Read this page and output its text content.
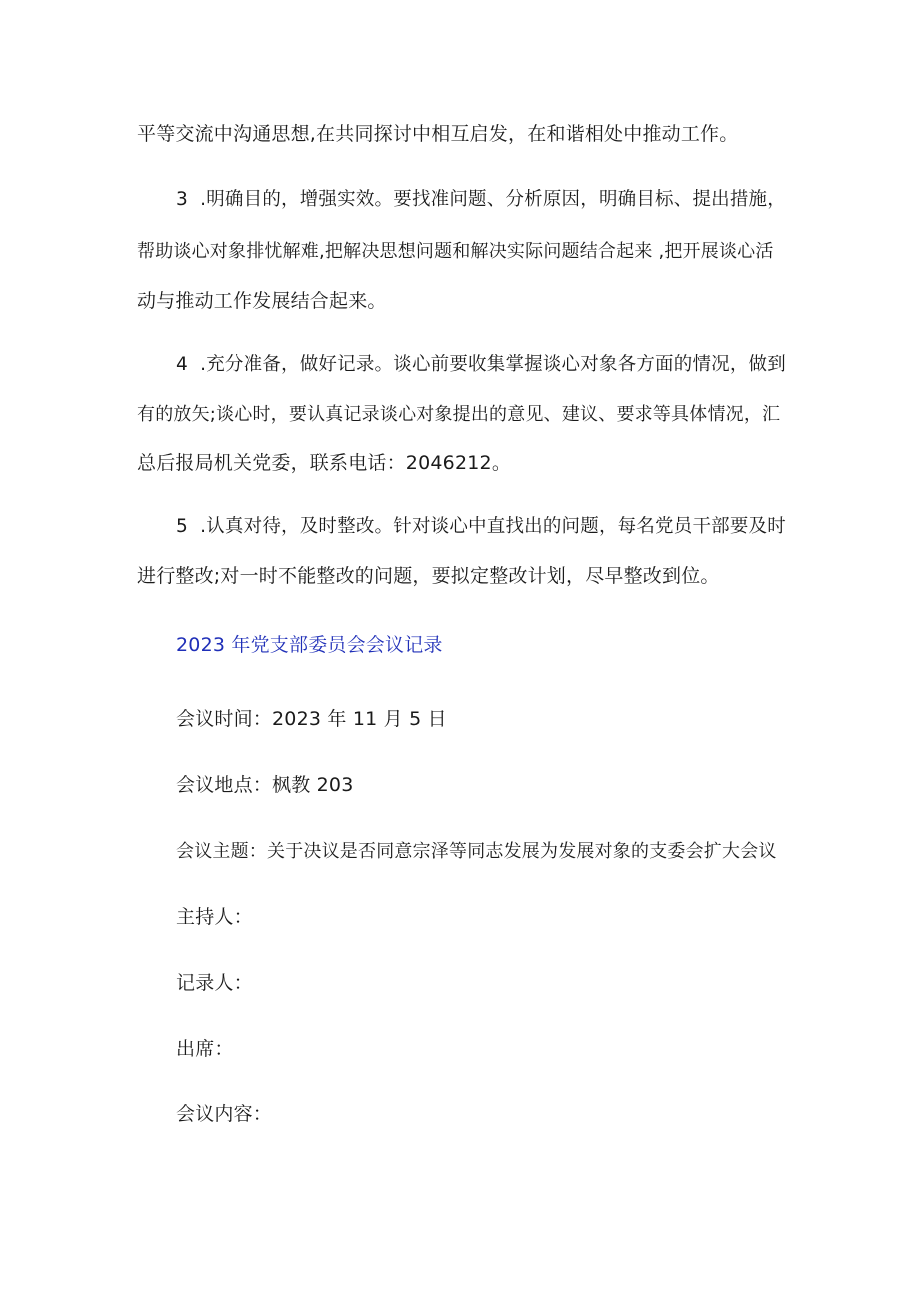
平等交流中沟通思想,在共同探讨中相互启发，在和谐相处中推动工作。
3 .明确目的，增强实效。要找准问题、分析原因，明确目标、提出措施，
帮助谈心对象排忧解难,把解决思想问题和解决实际问题结合起来 ,把开展谈心活
动与推动工作发展结合起来。
4 .充分准备，做好记录。谈心前要收集掌握谈心对象各方面的情况，做到
有的放矢;谈心时，要认真记录谈心对象提出的意见、建议、要求等具体情况，汇
总后报局机关党委，联系电话：2046212。
5 .认真对待，及时整改。针对谈心中直找出的问题，每名党员干部要及时
进行整改;对一时不能整改的问题，要拟定整改计划，尽早整改到位。
2023 年党支部委员会会议记录
会议时间：2023 年 11 月 5 日
会议地点：枫教 203
会议主题：关于决议是否同意宗泽等同志发展为发展对象的支委会扩大会议
主持人：
记录人：
出席：
会议内容：
